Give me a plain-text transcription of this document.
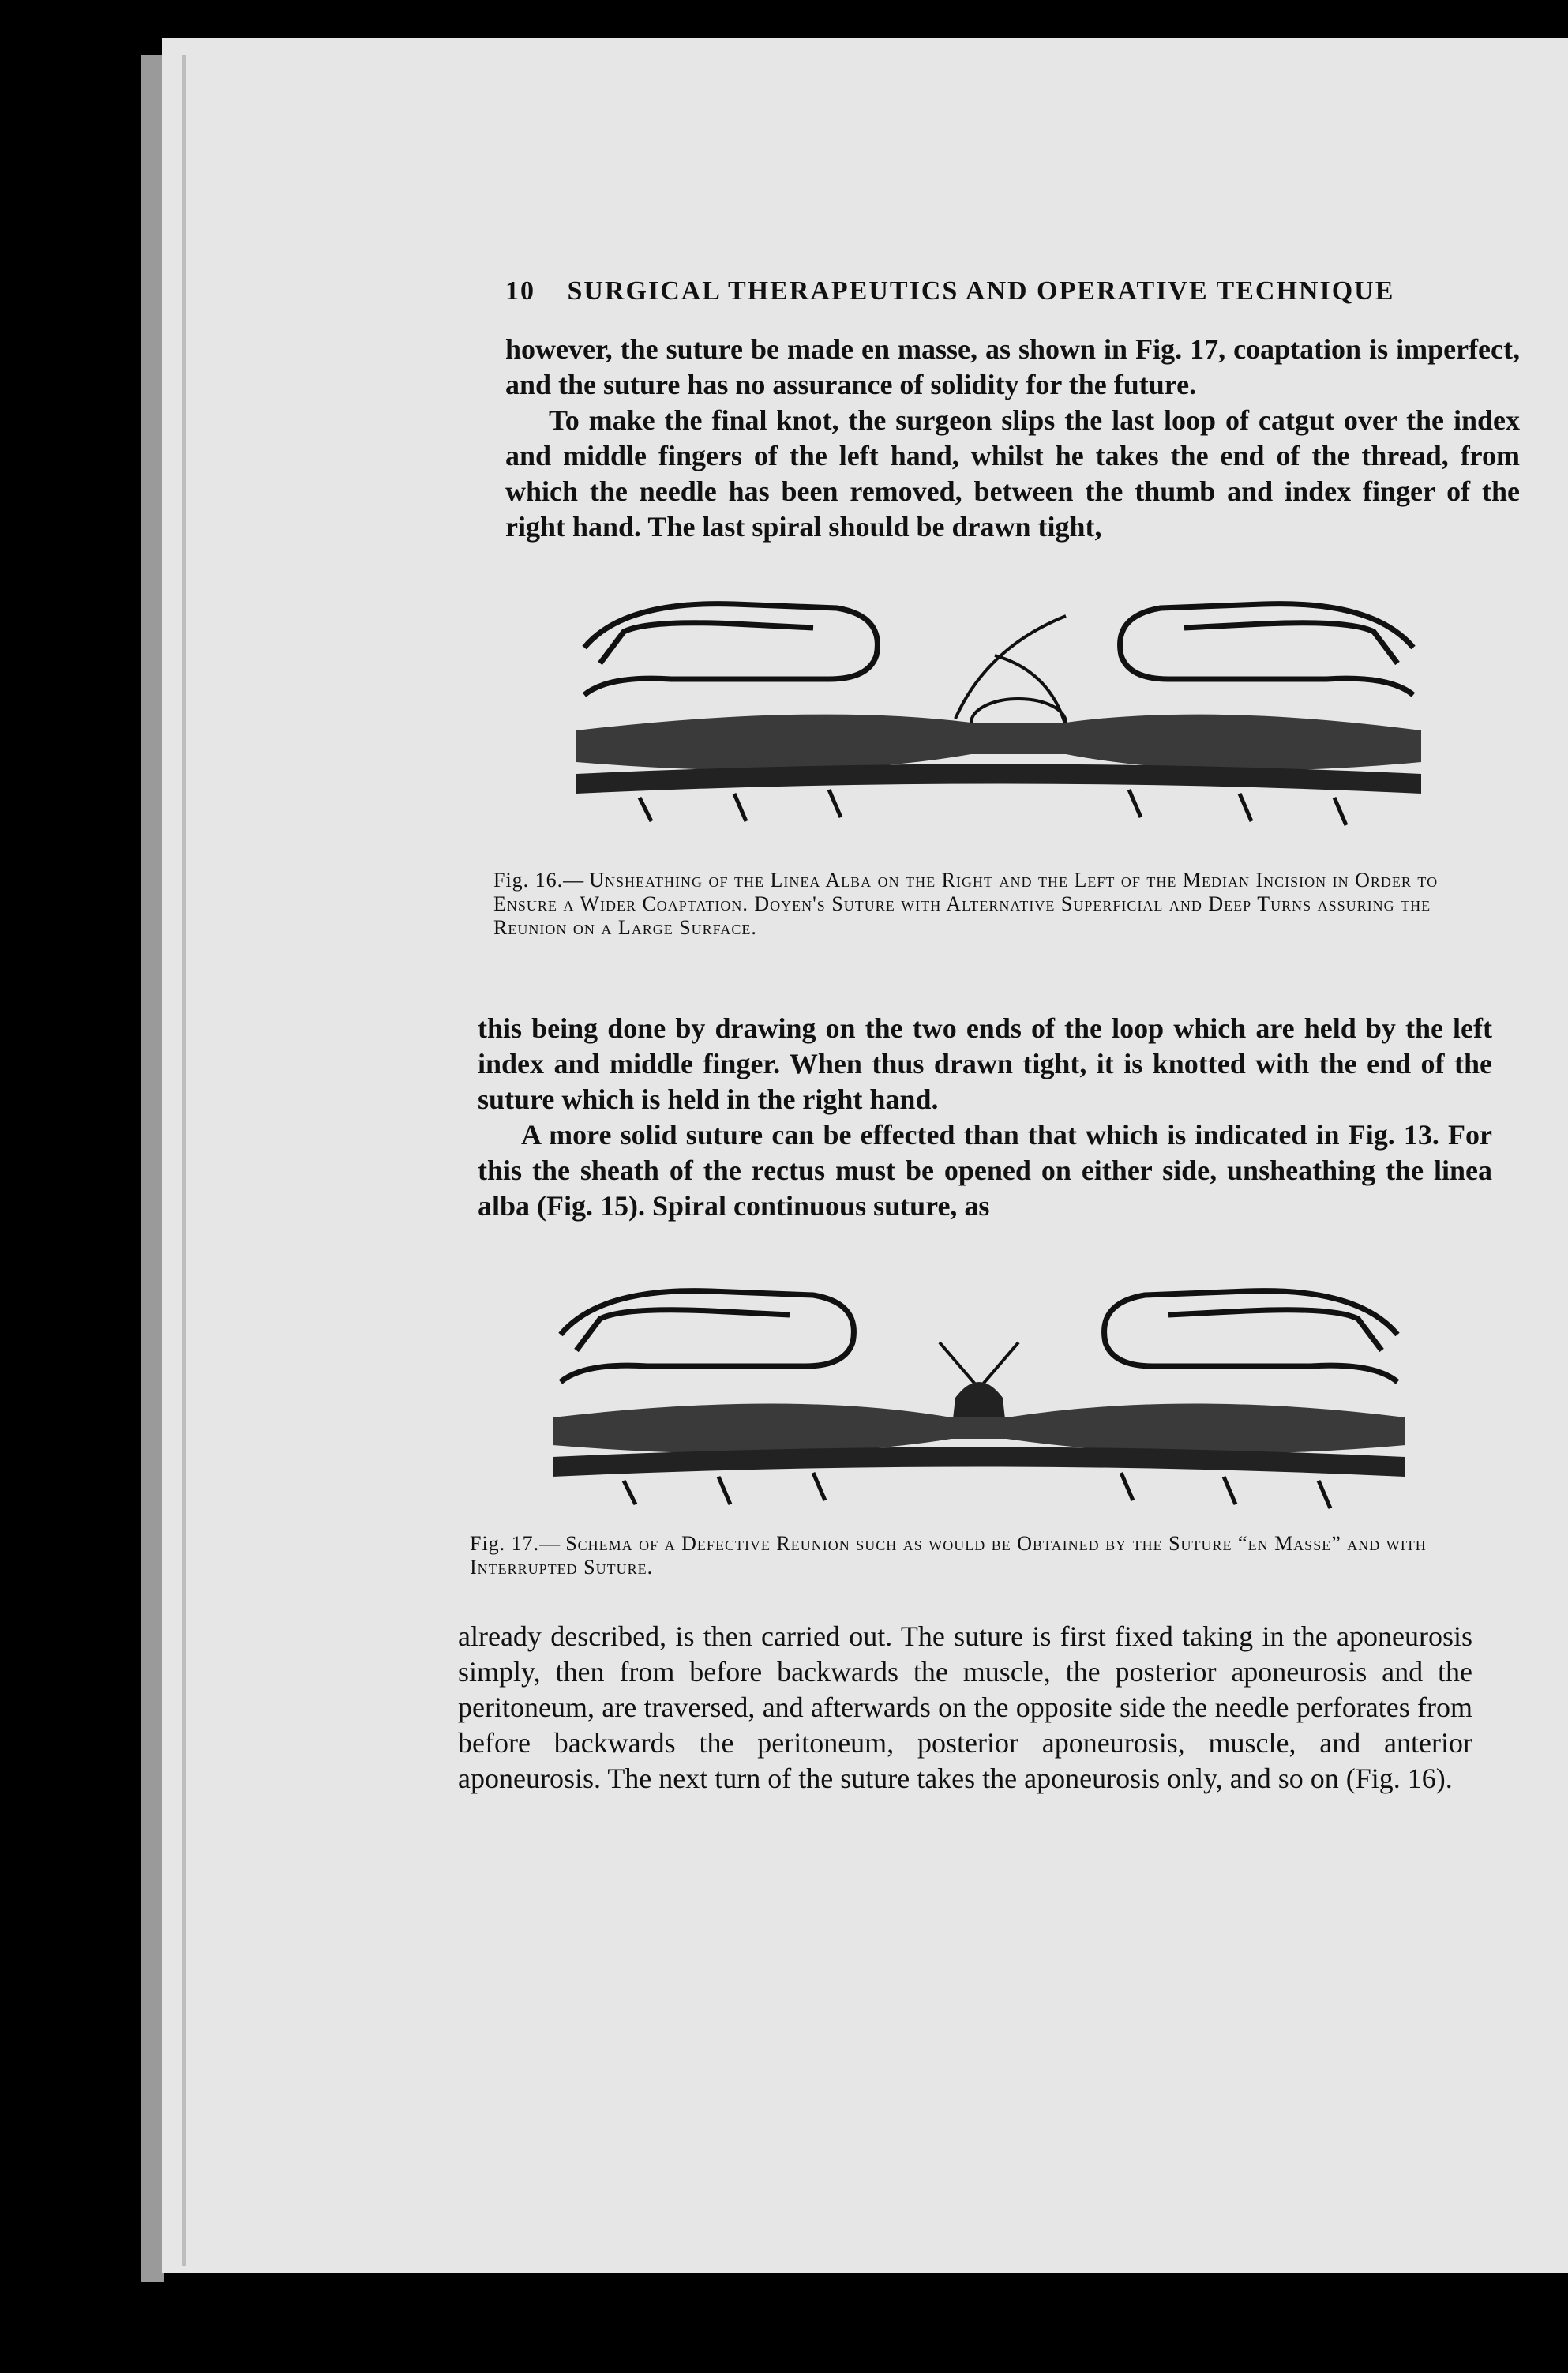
10 SURGICAL THERAPEUTICS AND OPERATIVE TECHNIQUE

however, the suture be made en masse, as shown in Fig. 17, coaptation is imperfect, and the suture has no assurance of solidity for the future.

To make the final knot, the surgeon slips the last loop of catgut over the index and middle fingers of the left hand, whilst he takes the end of the thread, from which the needle has been removed, between the thumb and index finger of the right hand. The last spiral should be drawn tight,

Fig. 16.— Unsheathing of the Linea Alba on the Right and the Left of the Median Incision in Order to Ensure a Wider Coaptation. Doyen's Suture with Alternative Superficial and Deep Turns assuring the Reunion on a Large Surface.

this being done by drawing on the two ends of the loop which are held by the left index and middle finger. When thus drawn tight, it is knotted with the end of the suture which is held in the right hand.

A more solid suture can be effected than that which is indicated in Fig. 13. For this the sheath of the rectus must be opened on either side, unsheathing the linea alba (Fig. 15). Spiral continuous suture, as

Fig. 17.— Schema of a Defective Reunion such as would be Obtained by the Suture “en Masse” and with Interrupted Suture.

already described, is then carried out. The suture is first fixed taking in the aponeurosis simply, then from before backwards the muscle, the posterior aponeurosis and the peritoneum, are traversed, and afterwards on the opposite side the needle perforates from before backwards the peritoneum, posterior aponeurosis, muscle, and anterior aponeurosis. The next turn of the suture takes the aponeurosis only, and so on (Fig. 16).
